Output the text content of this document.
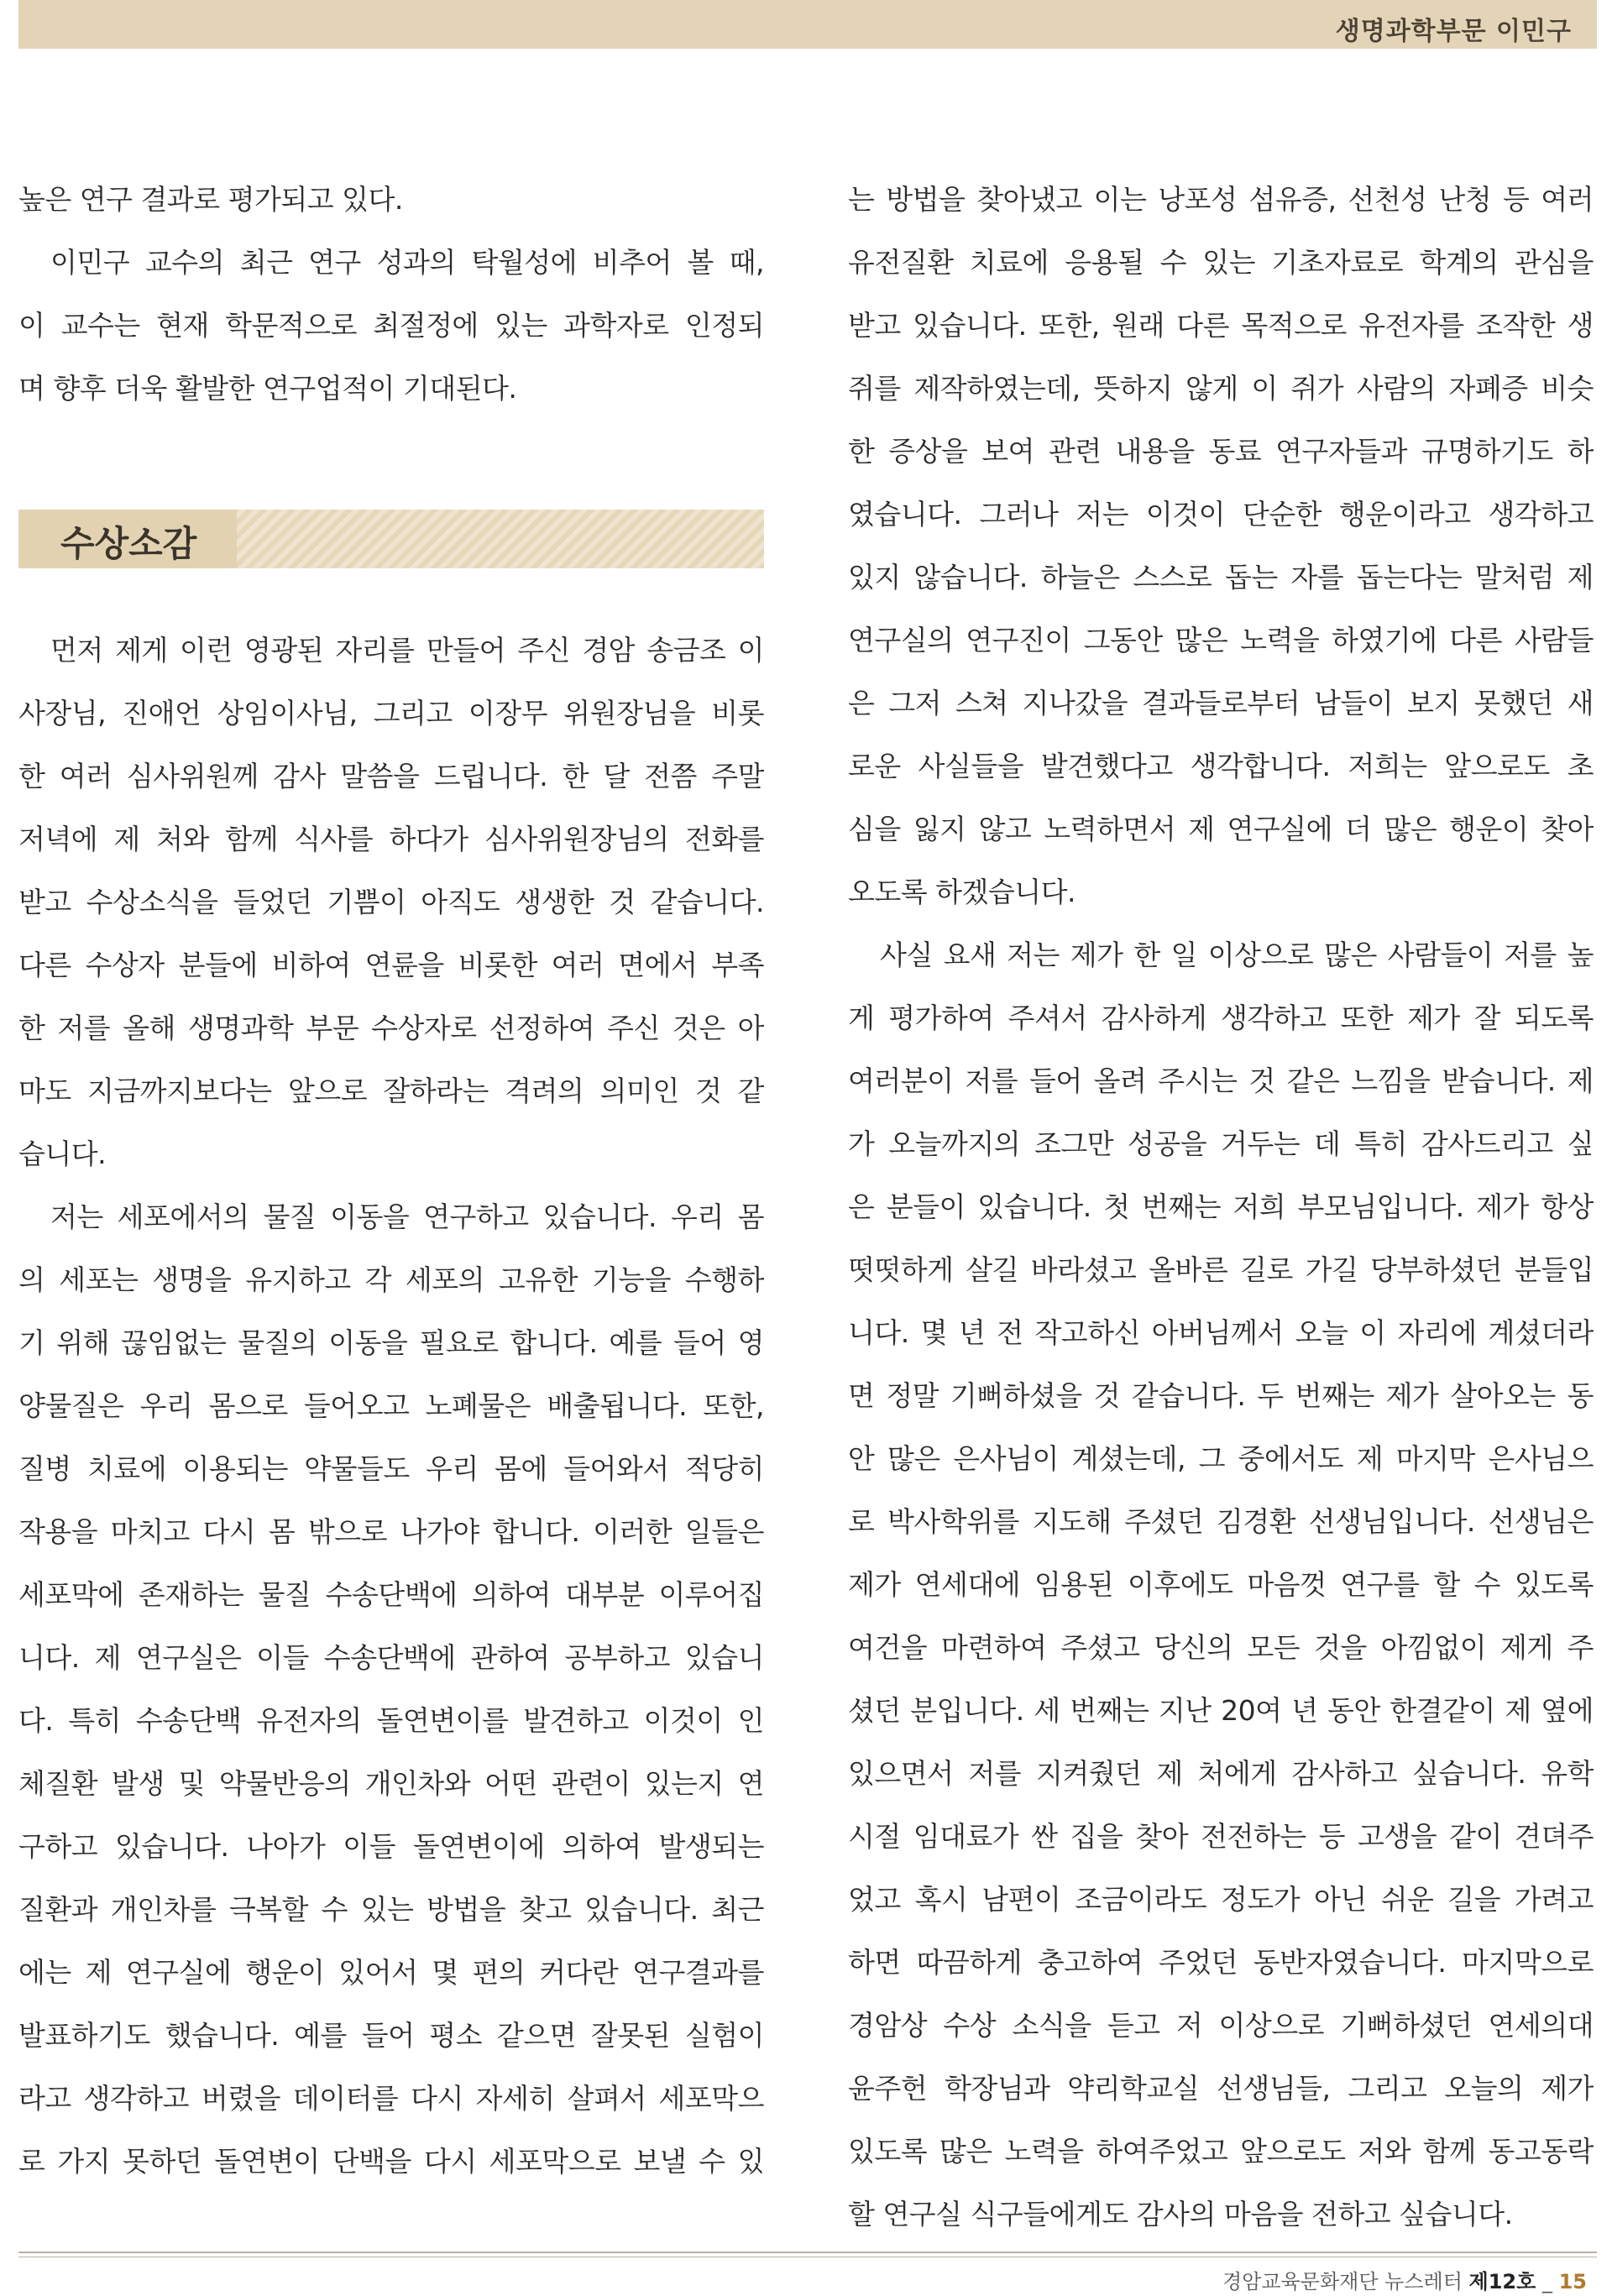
생명과학부문 이민구
높은 연구 결과로 평가되고 있다.
이민구 교수의 최근 연구 성과의 탁월성에 비추어 볼 때,
이 교수는 현재 학문적으로 최절정에 있는 과학자로 인정되
며 향후 더욱 활발한 연구업적이 기대된다.
수상소감
먼저 제게 이런 영광된 자리를 만들어 주신 경암 송금조 이
사장님, 진애언 상임이사님, 그리고 이장무 위원장님을 비롯
한 여러 심사위원께 감사 말씀을 드립니다. 한 달 전쯤 주말
저녁에 제 처와 함께 식사를 하다가 심사위원장님의 전화를
받고 수상소식을 들었던 기쁨이 아직도 생생한 것 같습니다.
다른 수상자 분들에 비하여 연륜을 비롯한 여러 면에서 부족
한 저를 올해 생명과학 부문 수상자로 선정하여 주신 것은 아
마도 지금까지보다는 앞으로 잘하라는 격려의 의미인 것 같
습니다.
저는 세포에서의 물질 이동을 연구하고 있습니다. 우리 몸
의 세포는 생명을 유지하고 각 세포의 고유한 기능을 수행하
기 위해 끊임없는 물질의 이동을 필요로 합니다. 예를 들어 영
양물질은 우리 몸으로 들어오고 노폐물은 배출됩니다. 또한,
질병 치료에 이용되는 약물들도 우리 몸에 들어와서 적당히
작용을 마치고 다시 몸 밖으로 나가야 합니다. 이러한 일들은
세포막에 존재하는 물질 수송단백에 의하여 대부분 이루어집
니다. 제 연구실은 이들 수송단백에 관하여 공부하고 있습니
다. 특히 수송단백 유전자의 돌연변이를 발견하고 이것이 인
체질환 발생 및 약물반응의 개인차와 어떤 관련이 있는지 연
구하고 있습니다. 나아가 이들 돌연변이에 의하여 발생되는
질환과 개인차를 극복할 수 있는 방법을 찾고 있습니다. 최근
에는 제 연구실에 행운이 있어서 몇 편의 커다란 연구결과를
발표하기도 했습니다. 예를 들어 평소 같으면 잘못된 실험이
라고 생각하고 버렸을 데이터를 다시 자세히 살펴서 세포막으
로 가지 못하던 돌연변이 단백을 다시 세포막으로 보낼 수 있
는 방법을 찾아냈고 이는 낭포성 섬유증, 선천성 난청 등 여러
유전질환 치료에 응용될 수 있는 기초자료로 학계의 관심을
받고 있습니다. 또한, 원래 다른 목적으로 유전자를 조작한 생
쥐를 제작하였는데, 뜻하지 않게 이 쥐가 사람의 자폐증 비슷
한 증상을 보여 관련 내용을 동료 연구자들과 규명하기도 하
였습니다. 그러나 저는 이것이 단순한 행운이라고 생각하고
있지 않습니다. 하늘은 스스로 돕는 자를 돕는다는 말처럼 제
연구실의 연구진이 그동안 많은 노력을 하였기에 다른 사람들
은 그저 스쳐 지나갔을 결과들로부터 남들이 보지 못했던 새
로운 사실들을 발견했다고 생각합니다. 저희는 앞으로도 초
심을 잃지 않고 노력하면서 제 연구실에 더 많은 행운이 찾아
오도록 하겠습니다.
사실 요새 저는 제가 한 일 이상으로 많은 사람들이 저를 높
게 평가하여 주셔서 감사하게 생각하고 또한 제가 잘 되도록
여러분이 저를 들어 올려 주시는 것 같은 느낌을 받습니다. 제
가 오늘까지의 조그만 성공을 거두는 데 특히 감사드리고 싶
은 분들이 있습니다. 첫 번째는 저희 부모님입니다. 제가 항상
떳떳하게 살길 바라셨고 올바른 길로 가길 당부하셨던 분들입
니다. 몇 년 전 작고하신 아버님께서 오늘 이 자리에 계셨더라
면 정말 기뻐하셨을 것 같습니다. 두 번째는 제가 살아오는 동
안 많은 은사님이 계셨는데, 그 중에서도 제 마지막 은사님으
로 박사학위를 지도해 주셨던 김경환 선생님입니다. 선생님은
제가 연세대에 임용된 이후에도 마음껏 연구를 할 수 있도록
여건을 마련하여 주셨고 당신의 모든 것을 아낌없이 제게 주
셨던 분입니다. 세 번째는 지난 20여 년 동안 한결같이 제 옆에
있으면서 저를 지켜줬던 제 처에게 감사하고 싶습니다. 유학
시절 임대료가 싼 집을 찾아 전전하는 등 고생을 같이 견뎌주
었고 혹시 남편이 조금이라도 정도가 아닌 쉬운 길을 가려고
하면 따끔하게 충고하여 주었던 동반자였습니다. 마지막으로
경암상 수상 소식을 듣고 저 이상으로 기뻐하셨던 연세의대
윤주헌 학장님과 약리학교실 선생님들, 그리고 오늘의 제가
있도록 많은 노력을 하여주었고 앞으로도 저와 함께 동고동락
할 연구실 식구들에게도 감사의 마음을 전하고 싶습니다.
경암교육문화재단 뉴스레터 제12호 _ 15
